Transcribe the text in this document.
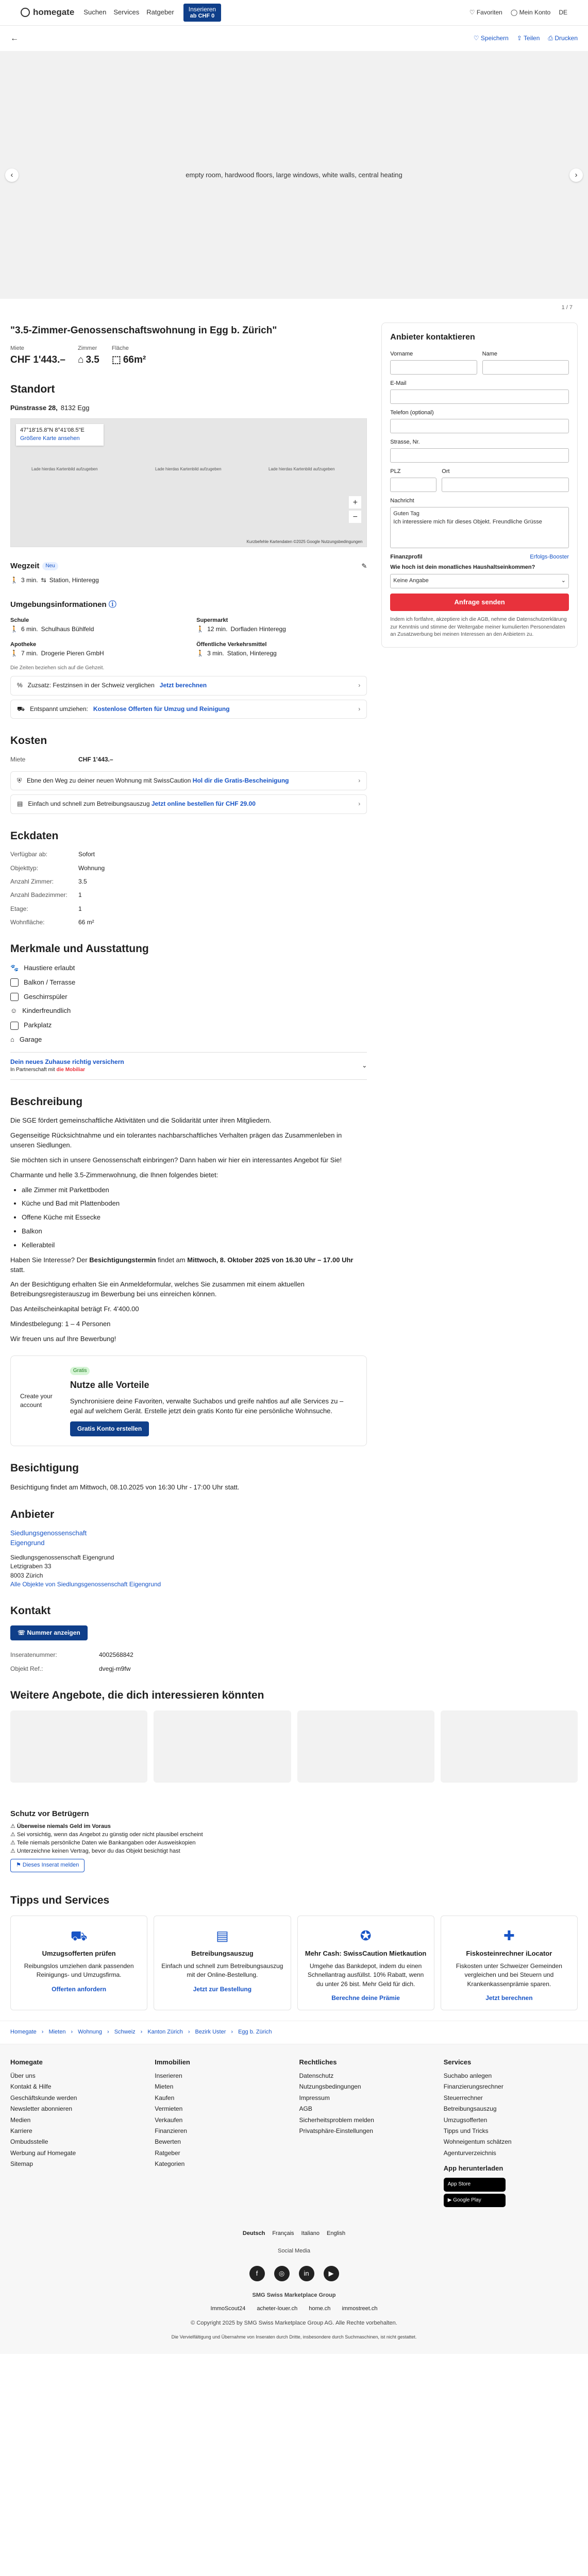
homegate Suchen Services Ratgeber	Inserieren
ab CHF 0
♡ Favoriten ◯ Mein Konto DE
←	♡ Speichern ⇪ Teilen ⎙ Drucken
‹	empty room, hardwood floors, large windows, white walls, central heating	›
1 / 7
"3.5-Zimmer-Genossenschaftswohnung in Egg b. Zürich"
Miete
CHF 1'443.–
Zimmer
⌂ 3.5
Fläche
⬚ 66m²
Standort
Pünstrasse 28, 8132 Egg
47°18'15.8"N 8°41'08.5"E
Größere Karte ansehen
Lade hierdas Kartenbild aufzugeben	Lade hierdas Kartenbild aufzugeben	Lade hierdas Kartenbild aufzugeben
+
−
Kurzbefehle Kartendaten ©2025 Google Nutzungsbedingungen
Wegzeit	Neu	✎
🚶 3 min. ⇆ Station, Hinteregg
Umgebungsinformationen ⓘ
Schule
🚶 6 min. Schulhaus Bühlfeld
Supermarkt
🚶 12 min. Dorfladen Hinteregg
Apotheke
🚶 7 min. Drogerie Pieren GmbH
Öffentliche Verkehrsmittel
🚶 3 min. Station, Hinteregg
Die Zeiten beziehen sich auf die Gehzeit.
% Zuzsatz: Festzinsen in der Schweiz verglichen Jetzt berechnen	›
⛟ Entspannt umziehen: Kostenlose Offerten für Umzug und Reinigung	›
Kosten
Miete	CHF 1'443.–
⛨ Ebne den Weg zu deiner neuen Wohnung mit SwissCaution Hol dir die Gratis-Bescheinigung	›
▤ Einfach und schnell zum Betreibungsauszug Jetzt online bestellen für CHF 29.00	›
Eckdaten
Verfügbar ab:	Sofort
Objekttyp:	Wohnung
Anzahl Zimmer:	3.5
Anzahl Badezimmer:	1
Etage:	1
Wohnfläche:	66 m²
Merkmale und Ausstattung
🐾 Haustiere erlaubt
Balkon / Terrasse
Geschirrspüler
☺ Kinderfreundlich
Parkplatz
⌂ Garage
Dein neues Zuhause richtig versichern
In Partnerschaft mit die Mobiliar
⌄
Beschreibung

Die SGE fördert gemeinschaftliche Aktivitäten und die Solidarität unter ihren Mitgliedern.

Gegenseitige Rücksichtnahme und ein tolerantes nachbarschaftliches Verhalten prägen das Zusammenleben in unseren Siedlungen.

Sie möchten sich in unsere Genossenschaft einbringen? Dann haben wir hier ein interessantes Angebot für Sie!

Charmante und helle 3.5-Zimmerwohnung, die Ihnen folgendes bietet:

• alle Zimmer mit Parkettboden
• Küche und Bad mit Plattenboden
• Offene Küche mit Essecke
• Balkon
• Kellerabteil

Haben Sie Interesse? Der Besichtigungstermin findet am Mittwoch, 8. Oktober 2025 von 16.30 Uhr – 17.00 Uhr statt.

An der Besichtigung erhalten Sie ein Anmeldeformular, welches Sie zusammen mit einem aktuellen Betreibungsregisterauszug im Bewerbung bei uns einreichen können.

Das Anteilscheinkapital beträgt Fr. 4'400.00

Mindestbelegung: 1 – 4 Personen

Wir freuen uns auf Ihre Bewerbung!

Create your account
Gratis
Nutze alle Vorteile

Synchronisiere deine Favoriten, verwalte Suchabos und greife nahtlos auf alle Services zu – egal auf welchem Gerät. Erstelle jetzt dein gratis Konto für eine persönliche Wohnsuche.

Gratis Konto erstellen
Besichtigung

Besichtigung findet am Mittwoch, 08.10.2025 von 16:30 Uhr - 17:00 Uhr statt.

Anbieter
Siedlungsgenossenschaft
Eigengrund
Siedlungsgenossenschaft Eigengrund
Letzigraben 33
8003 Zürich
Alle Objekte von Siedlungsgenossenschaft Eigengrund
Kontakt
☏ Nummer anzeigen
Inseratenummer:	4002568842
Objekt Ref.:	dvegj-m9fw
Anbieter kontaktieren
Vorname	Name
E-Mail
Telefon (optional)
Strasse, Nr.
PLZ	Ort
Nachricht
Guten Tag
Ich interessiere mich für dieses Objekt. Freundliche Grüsse
Finanzprofil	Erfolgs-Booster
Wie hoch ist dein monatliches Haushaltseinkommen?
Keine Angabe	⌄
Anfrage senden
Indem ich fortfahre, akzeptiere ich die AGB, nehme die Datenschutzerklärung zur Kenntnis und stimme der Weitergabe meiner kumulierten Personendaten an Zusatzwerbung bei meinen Interessen an den Anbietern zu.
Weitere Angebote, die dich interessieren könnten
Schutz vor Betrügern
⚠ Überweise niemals Geld im Voraus
⚠ Sei vorsichtig, wenn das Angebot zu günstig oder nicht plausibel erscheint
⚠ Teile niemals persönliche Daten wie Bankangaben oder Ausweiskopien
⚠ Unterzeichne keinen Vertrag, bevor du das Objekt besichtigt hast
⚑ Dieses Inserat melden
Tipps und Services
⛟
Umzugsofferten prüfen
Reibungslos umziehen dank passenden Reinigungs- und Umzugsfirma.
Offerten anfordern
▤
Betreibungsauszug
Einfach und schnell zum Betreibungsauszug mit der Online-Bestellung.
Jetzt zur Bestellung
✪
Mehr Cash: SwissCaution Mietkaution
Umgehe das Bankdepot, indem du einen Schnellantrag ausfüllst. 10% Rabatt, wenn du unter 26 bist. Mehr Geld für dich.
Berechne deine Prämie
✚
Fiskosteinrechner iLocator
Fiskosten unter Schweizer Gemeinden vergleichen und bei Steuern und Krankenkassenprämie sparen.
Jetzt berechnen
Homegate › Mieten › Wohnung › Schweiz › Kanton Zürich › Bezirk Uster › Egg b. Zürich
Homegate
Über uns
Kontakt & Hilfe
Geschäftskunde werden
Newsletter abonnieren
Medien
Karriere
Ombudsstelle
Werbung auf Homegate
Sitemap
Immobilien
Inserieren
Mieten
Kaufen
Vermieten
Verkaufen
Finanzieren
Bewerten
Ratgeber
Kategorien
Rechtliches
Datenschutz
Nutzungsbedingungen
Impressum
AGB
Sicherheitsproblem melden
Privatsphäre-Einstellungen
Services
Suchabo anlegen
Finanzierungsrechner
Steuerrechner
Betreibungsauszug
Umzugsofferten
Tipps und Tricks
Wohneigentum schätzen
Agenturverzeichnis
App herunterladen
App Store
▶ Google Play
Deutsch Français Italiano English
Social Media
f	◎	in	▶
SMG Swiss Marketplace Group
ImmoScout24 acheter-louer.ch home.ch immostreet.ch
© Copyright 2025 by SMG Swiss Marketplace Group AG. Alle Rechte vorbehalten.
Die Vervielfältigung und Übernahme von Inseraten durch Dritte, insbesondere durch Suchmaschinen, ist nicht gestattet.
